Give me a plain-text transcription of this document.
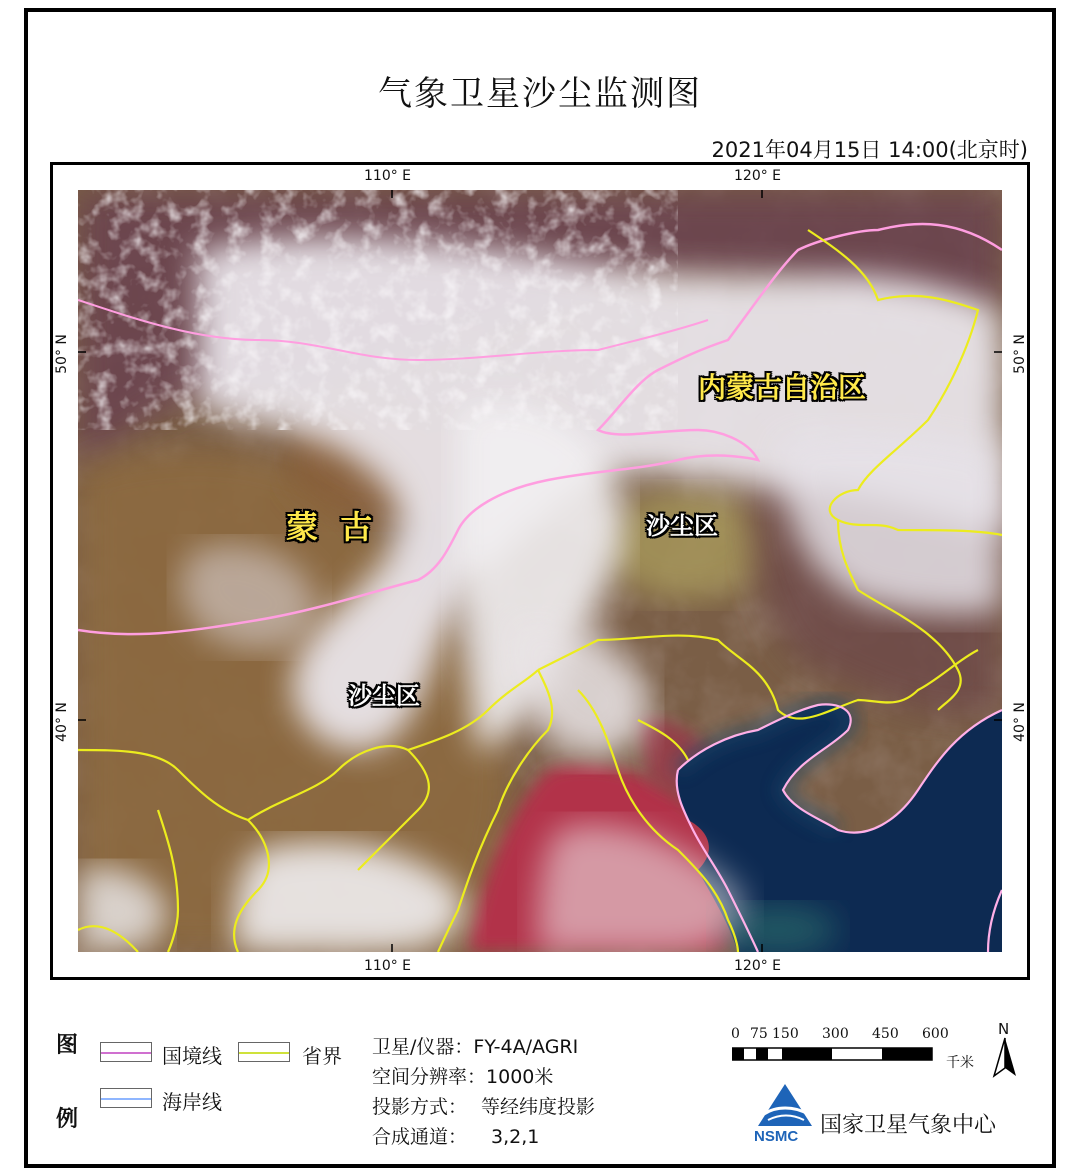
气象卫星沙尘监测图
2021年04月15日 14:00(北京时)
110° E	120° E
110° E	120° E
50° N
40° N
50° N
40° N
内蒙古自治区
蒙  古	沙尘区
沙尘区
图
例
国境线	省界
海岸线
卫星/仪器：FY-4A/AGRI
空间分辨率：1000米
投影方式： 等经纬度投影
合成通道： 3,2,1
0 75 150 300 450 600
千米
N
NSMC 国家卫星气象中心
